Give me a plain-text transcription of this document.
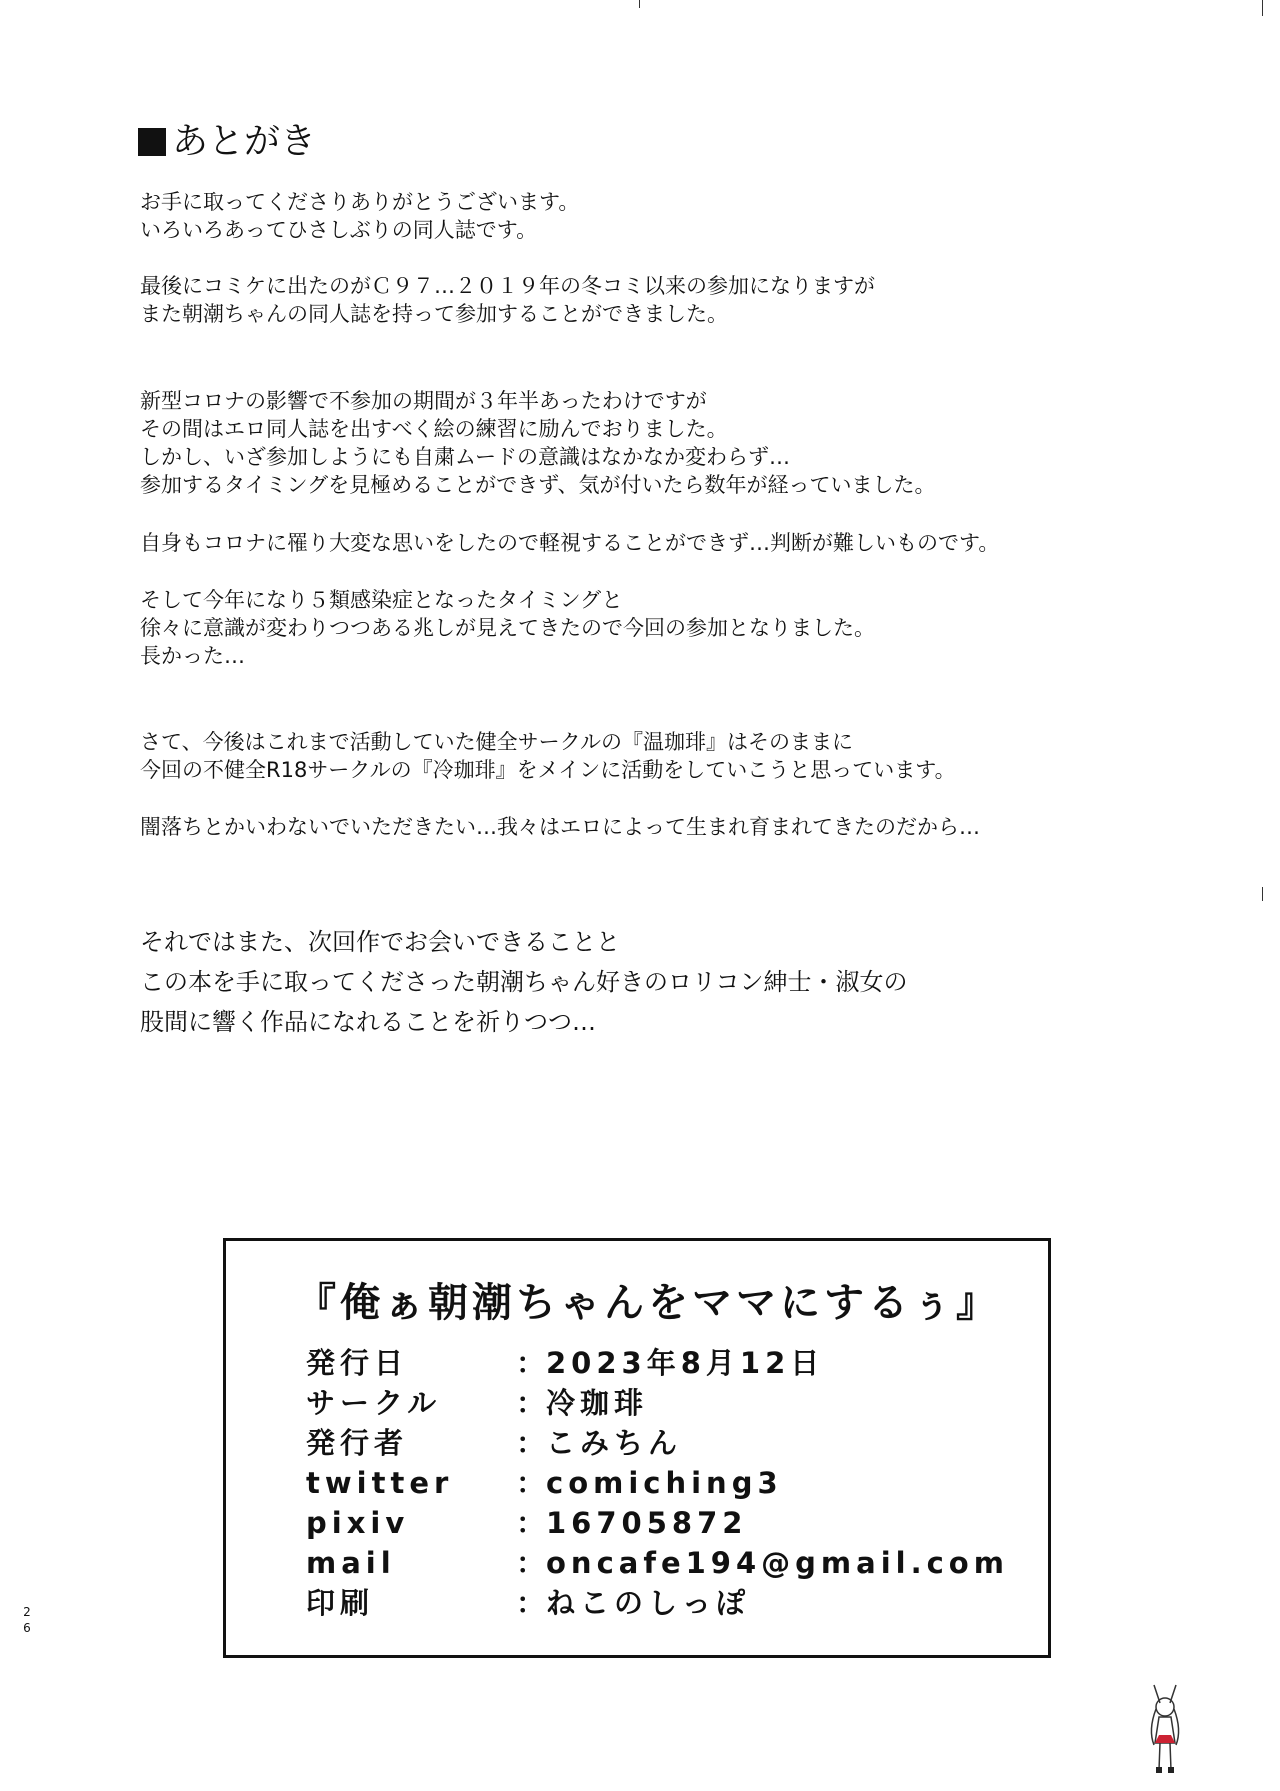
あとがき
お手に取ってくださりありがとうございます。
いろいろあってひさしぶりの同人誌です。
最後にコミケに出たのがＣ９７…２０１９年の冬コミ以来の参加になりますが
また朝潮ちゃんの同人誌を持って参加することができました。
新型コロナの影響で不参加の期間が３年半あったわけですが
その間はエロ同人誌を出すべく絵の練習に励んでおりました。
しかし、いざ参加しようにも自粛ムードの意識はなかなか変わらず…
参加するタイミングを見極めることができず、気が付いたら数年が経っていました。
自身もコロナに罹り大変な思いをしたので軽視することができず…判断が難しいものです。
そして今年になり５類感染症となったタイミングと
徐々に意識が変わりつつある兆しが見えてきたので今回の参加となりました。
長かった…
さて、今後はこれまで活動していた健全サークルの『温珈琲』はそのままに
今回の不健全R18サークルの『冷珈琲』をメインに活動をしていこうと思っています。
闇落ちとかいわないでいただきたい…我々はエロによって生まれ育まれてきたのだから…
それではまた、次回作でお会いできることと
この本を手に取ってくださった朝潮ちゃん好きのロリコン紳士・淑女の
股間に響く作品になれることを祈りつつ…
『俺ぁ朝潮ちゃんをママにするぅ』
発行日	：2023年8月12日
サークル	：冷珈琲
発行者	：こみちん
twitter ：comiching3
pixiv	：16705872
mail	：oncafe194@gmail.com
印刷	：ねこのしっぽ
2
6
